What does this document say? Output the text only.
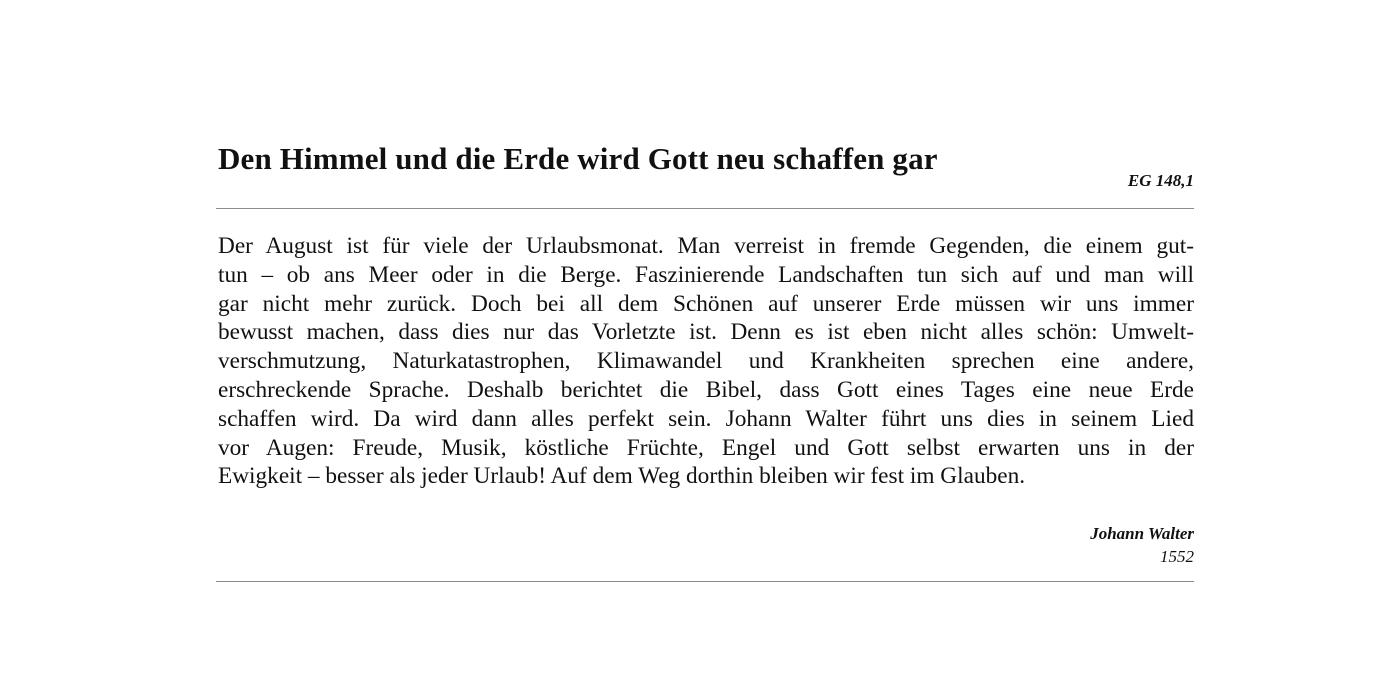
Den Himmel und die Erde wird Gott neu schaffen gar
EG 148,1

Der August ist für viele der Urlaubsmonat. Man verreist in fremde Gegenden, die einem gut-
tun – ob ans Meer oder in die Berge. Faszinierende Landschaften tun sich auf und man will
gar nicht mehr zurück. Doch bei all dem Schönen auf unserer Erde müssen wir uns immer
bewusst machen, dass dies nur das Vorletzte ist. Denn es ist eben nicht alles schön: Umwelt-
verschmutzung, Naturkatastrophen, Klimawandel und Krankheiten sprechen eine andere,
erschreckende Sprache. Deshalb berichtet die Bibel, dass Gott eines Tages eine neue Erde
schaffen wird. Da wird dann alles perfekt sein. Johann Walter führt uns dies in seinem Lied
vor Augen: Freude, Musik, köstliche Früchte, Engel und Gott selbst erwarten uns in der
Ewigkeit – besser als jeder Urlaub! Auf dem Weg dorthin bleiben wir fest im Glauben.

Johann Walter
1552
